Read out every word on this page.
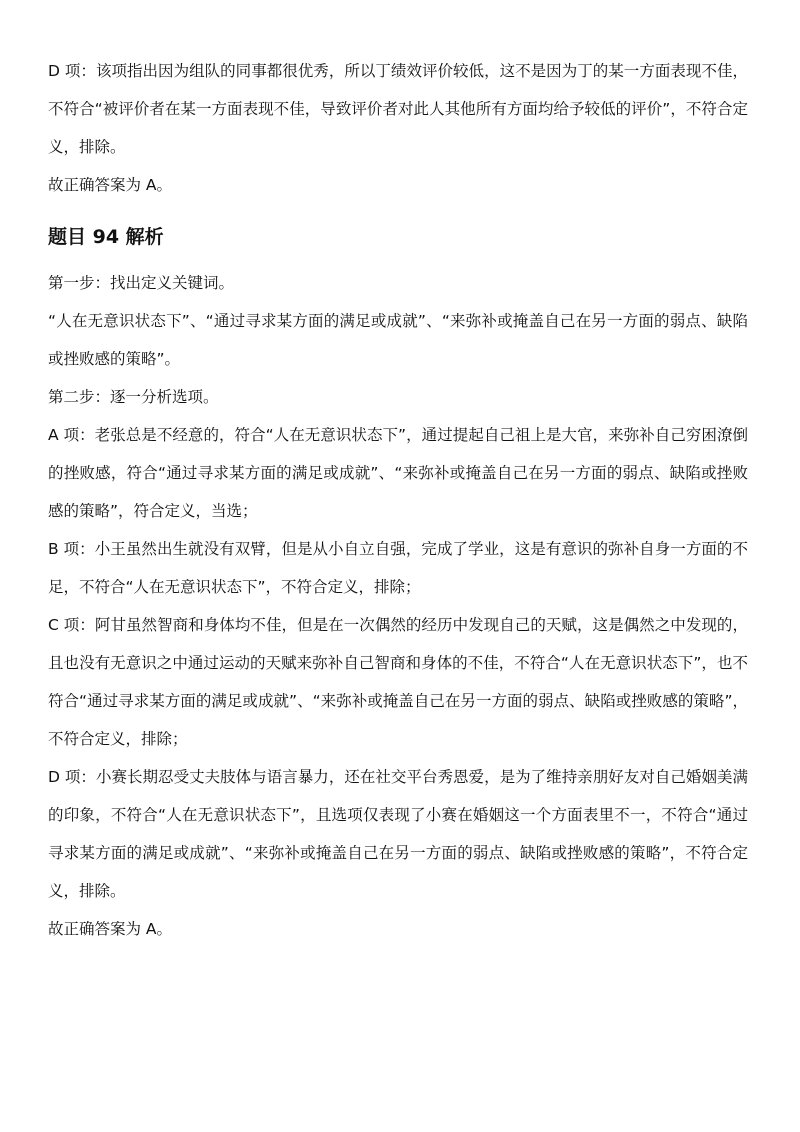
D 项：该项指出因为组队的同事都很优秀，所以丁绩效评价较低，这不是因为丁的某一方面表现不佳，不符合“被评价者在某一方面表现不佳，导致评价者对此人其他所有方面均给予较低的评价”，不符合定义，排除。

故正确答案为 A。

题目 94 解析

第一步：找出定义关键词。

“人在无意识状态下”、“通过寻求某方面的满足或成就”、“来弥补或掩盖自己在另一方面的弱点、缺陷或挫败感的策略”。

第二步：逐一分析选项。

A 项：老张总是不经意的，符合“人在无意识状态下”，通过提起自己祖上是大官，来弥补自己穷困潦倒的挫败感，符合“通过寻求某方面的满足或成就”、“来弥补或掩盖自己在另一方面的弱点、缺陷或挫败感的策略”，符合定义，当选；

B 项：小王虽然出生就没有双臂，但是从小自立自强，完成了学业，这是有意识的弥补自身一方面的不足，不符合“人在无意识状态下”，不符合定义，排除；

C 项：阿甘虽然智商和身体均不佳，但是在一次偶然的经历中发现自己的天赋，这是偶然之中发现的，且也没有无意识之中通过运动的天赋来弥补自己智商和身体的不佳，不符合“人在无意识状态下”，也不符合“通过寻求某方面的满足或成就”、“来弥补或掩盖自己在另一方面的弱点、缺陷或挫败感的策略”，不符合定义，排除；

D 项：小赛长期忍受丈夫肢体与语言暴力，还在社交平台秀恩爱，是为了维持亲朋好友对自己婚姻美满的印象，不符合“人在无意识状态下”，且选项仅表现了小赛在婚姻这一个方面表里不一，不符合“通过寻求某方面的满足或成就”、“来弥补或掩盖自己在另一方面的弱点、缺陷或挫败感的策略”，不符合定义，排除。

故正确答案为 A。
